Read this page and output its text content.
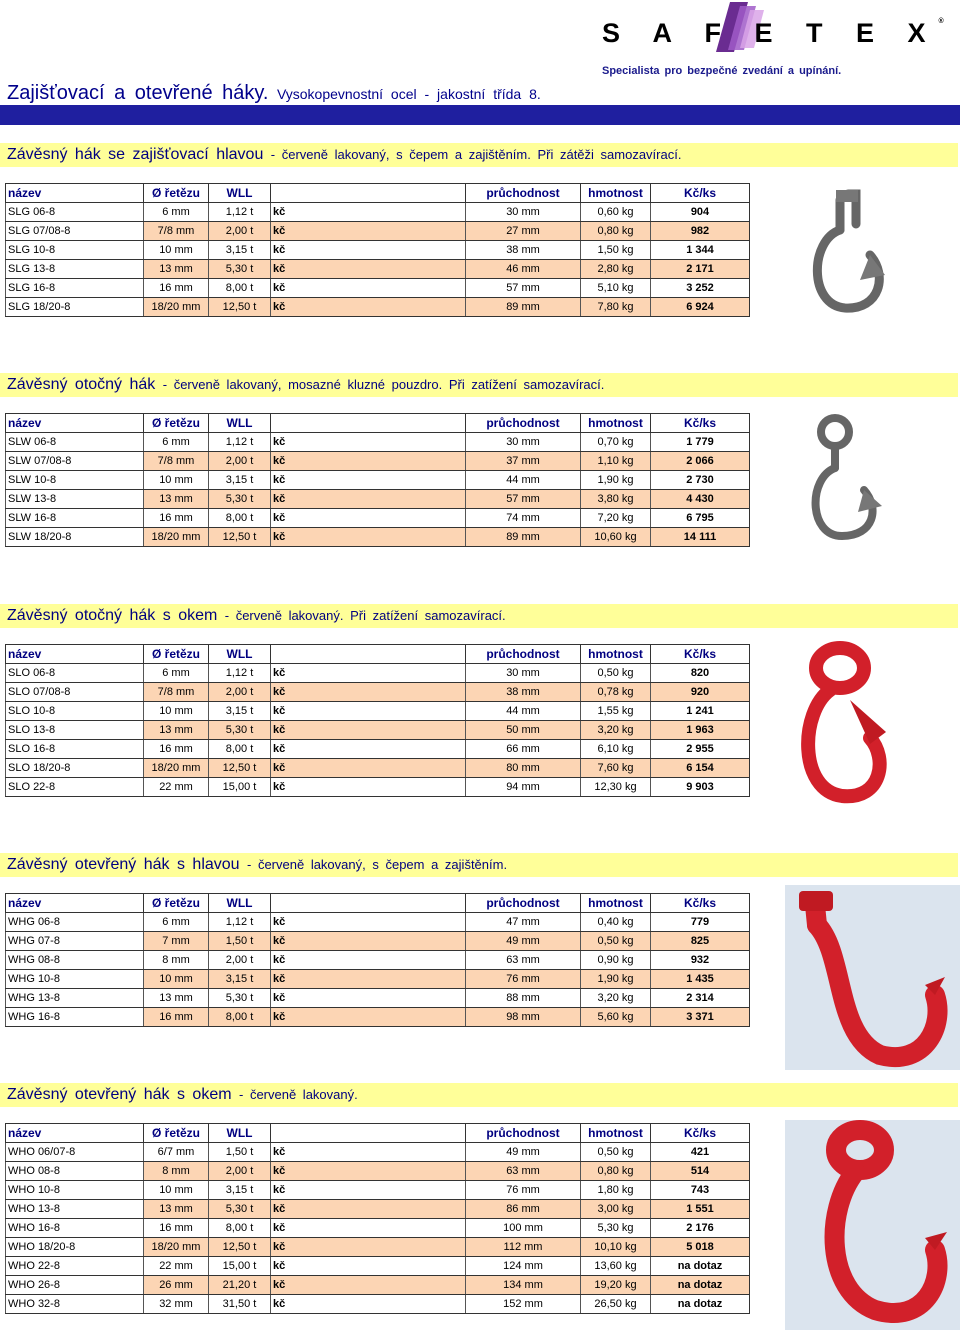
S A F E T E X®
Specialista pro bezpečné zvedání a upínání.
Zajišťovací a otevřené háky. Vysokopevnostní ocel - jakostní třída 8.
Závěsný hák se zajišťovací hlavou - červeně lakovaný, s čepem a zajištěním. Při zátěži samozavírací.
název	Ø řetězu	WLL		průchodnost	hmotnost	Kč/ks
SLG 06-8	6 mm	1,12 t	kč	30 mm	0,60 kg	904
SLG 07/08-8	7/8 mm	2,00 t	kč	27 mm	0,80 kg	982
SLG 10-8	10 mm	3,15 t	kč	38 mm	1,50 kg	1 344
SLG 13-8	13 mm	5,30 t	kč	46 mm	2,80 kg	2 171
SLG 16-8	16 mm	8,00 t	kč	57 mm	5,10 kg	3 252
SLG 18/20-8	18/20 mm	12,50 t	kč	89 mm	7,80 kg	6 924
Závěsný otočný hák - červeně lakovaný, mosazné kluzné pouzdro. Při zatížení samozavírací.
název	Ø řetězu	WLL		průchodnost	hmotnost	Kč/ks
SLW 06-8	6 mm	1,12 t	kč	30 mm	0,70 kg	1 779
SLW 07/08-8	7/8 mm	2,00 t	kč	37 mm	1,10 kg	2 066
SLW 10-8	10 mm	3,15 t	kč	44 mm	1,90 kg	2 730
SLW 13-8	13 mm	5,30 t	kč	57 mm	3,80 kg	4 430
SLW 16-8	16 mm	8,00 t	kč	74 mm	7,20 kg	6 795
SLW 18/20-8	18/20 mm	12,50 t	kč	89 mm	10,60 kg	14 111
Závěsný otočný hák s okem - červeně lakovaný. Při zatížení samozavírací.
název	Ø řetězu	WLL		průchodnost	hmotnost	Kč/ks
SLO 06-8	6 mm	1,12 t	kč	30 mm	0,50 kg	820
SLO 07/08-8	7/8 mm	2,00 t	kč	38 mm	0,78 kg	920
SLO 10-8	10 mm	3,15 t	kč	44 mm	1,55 kg	1 241
SLO 13-8	13 mm	5,30 t	kč	50 mm	3,20 kg	1 963
SLO 16-8	16 mm	8,00 t	kč	66 mm	6,10 kg	2 955
SLO 18/20-8	18/20 mm	12,50 t	kč	80 mm	7,60 kg	6 154
SLO 22-8	22 mm	15,00 t	kč	94 mm	12,30 kg	9 903
Závěsný otevřený hák s hlavou - červeně lakovaný, s čepem a zajištěním.
název	Ø řetězu	WLL		průchodnost	hmotnost	Kč/ks
WHG 06-8	6 mm	1,12 t	kč	47 mm	0,40 kg	779
WHG 07-8	7 mm	1,50 t	kč	49 mm	0,50 kg	825
WHG 08-8	8 mm	2,00 t	kč	63 mm	0,90 kg	932
WHG 10-8	10 mm	3,15 t	kč	76 mm	1,90 kg	1 435
WHG 13-8	13 mm	5,30 t	kč	88 mm	3,20 kg	2 314
WHG 16-8	16 mm	8,00 t	kč	98 mm	5,60 kg	3 371
Závěsný otevřený hák s okem - červeně lakovaný.
název	Ø řetězu	WLL		průchodnost	hmotnost	Kč/ks
WHO 06/07-8	6/7 mm	1,50 t	kč	49 mm	0,50 kg	421
WHO 08-8	8 mm	2,00 t	kč	63 mm	0,80 kg	514
WHO 10-8	10 mm	3,15 t	kč	76 mm	1,80 kg	743
WHO 13-8	13 mm	5,30 t	kč	86 mm	3,00 kg	1 551
WHO 16-8	16 mm	8,00 t	kč	100 mm	5,30 kg	2 176
WHO 18/20-8	18/20 mm	12,50 t	kč	112 mm	10,10 kg	5 018
WHO 22-8	22 mm	15,00 t	kč	124 mm	13,60 kg	na dotaz
WHO 26-8	26 mm	21,20 t	kč	134 mm	19,20 kg	na dotaz
WHO 32-8	32 mm	31,50 t	kč	152 mm	26,50 kg	na dotaz
